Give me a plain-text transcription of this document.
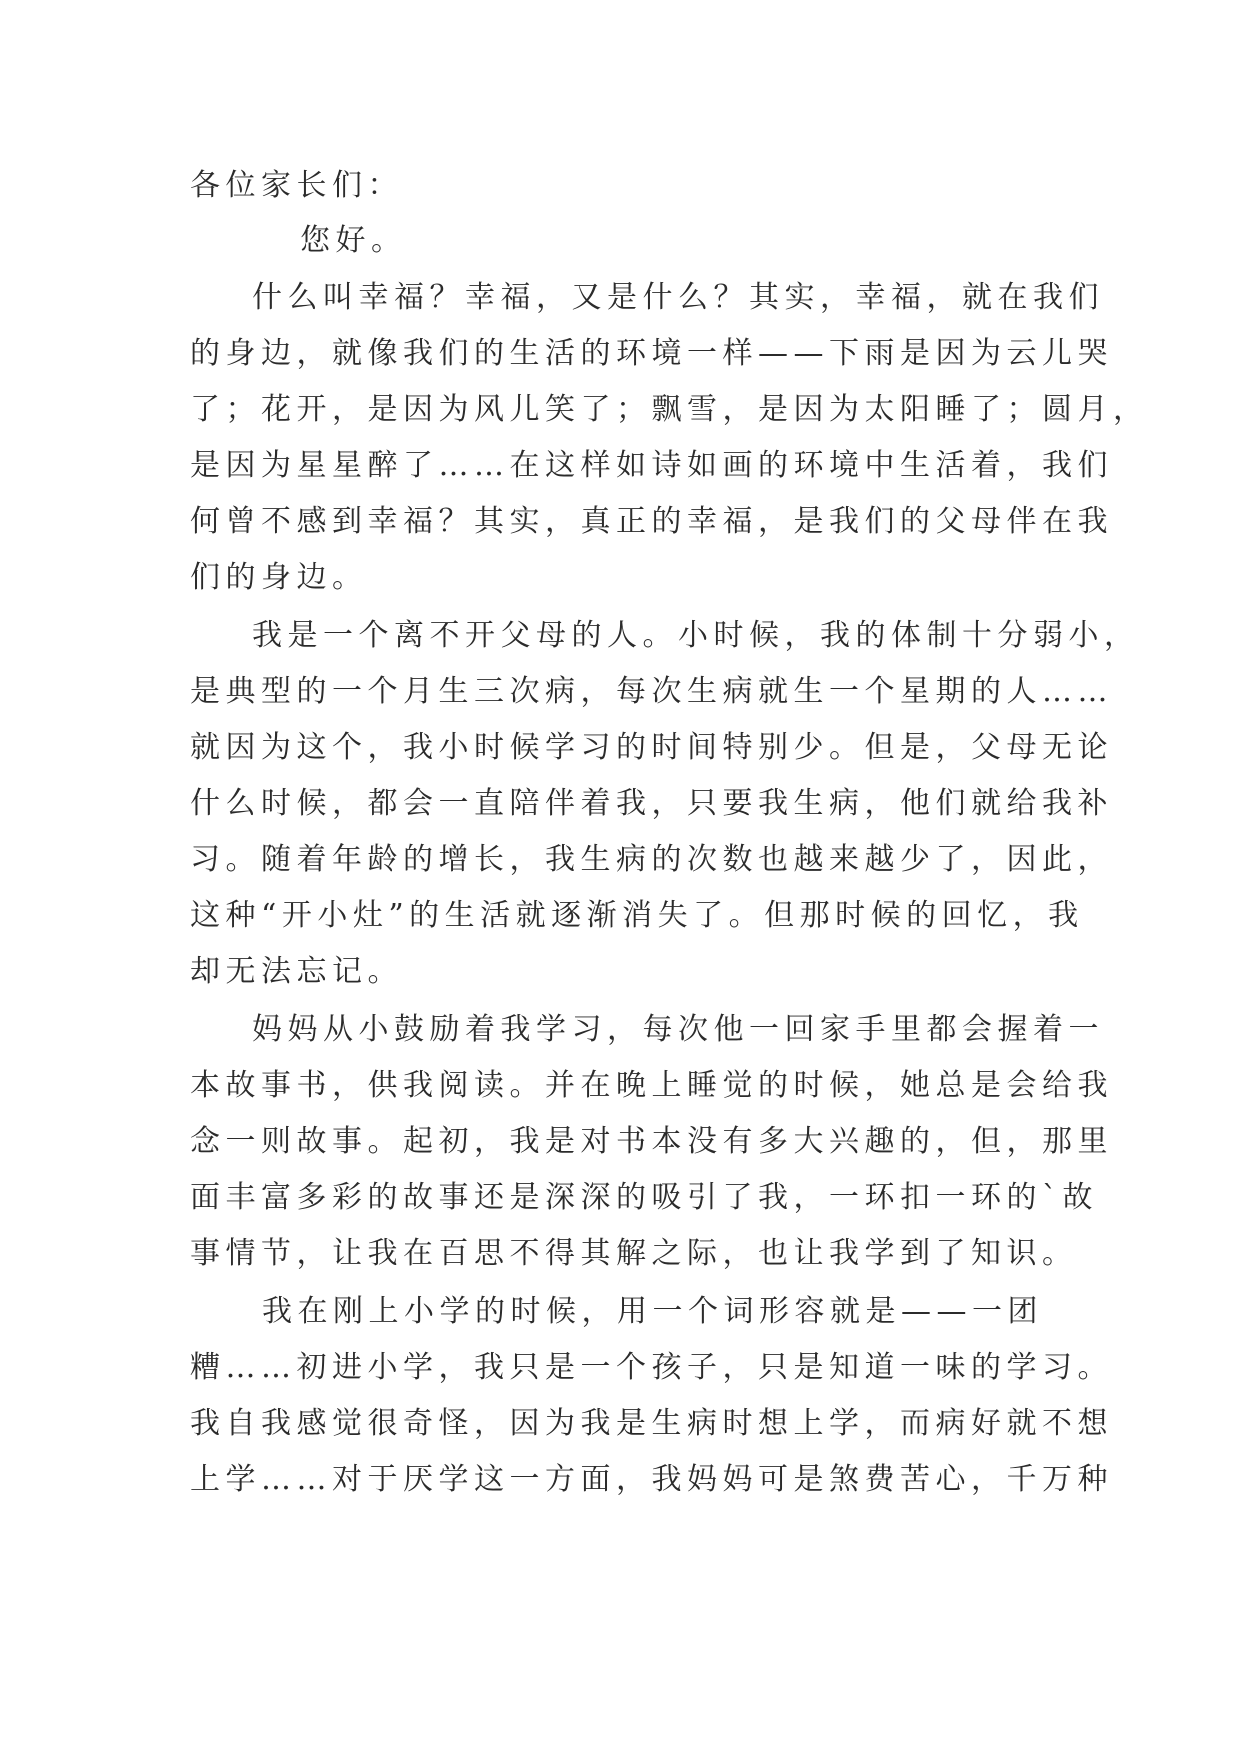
各位家长们：
您好。
什么叫幸福？幸福，又是什么？其实，幸福，就在我们
的身边，就像我们的生活的环境一样——下雨是因为云儿哭
了；花开，是因为风儿笑了；飘雪，是因为太阳睡了；圆月，
是因为星星醉了……在这样如诗如画的环境中生活着，我们
何曾不感到幸福？其实，真正的幸福，是我们的父母伴在我
们的身边。
我是一个离不开父母的人。小时候，我的体制十分弱小，
是典型的一个月生三次病，每次生病就生一个星期的人……
就因为这个，我小时候学习的时间特别少。但是，父母无论
什么时候，都会一直陪伴着我，只要我生病，他们就给我补
习。随着年龄的增长，我生病的次数也越来越少了，因此，
这种“开小灶”的生活就逐渐消失了。但那时候的回忆，我
却无法忘记。
妈妈从小鼓励着我学习，每次他一回家手里都会握着一
本故事书，供我阅读。并在晚上睡觉的时候，她总是会给我
念一则故事。起初，我是对书本没有多大兴趣的，但，那里
面丰富多彩的故事还是深深的吸引了我，一环扣一环的`故
事情节，让我在百思不得其解之际，也让我学到了知识。
我在刚上小学的时候，用一个词形容就是——一团
糟……初进小学，我只是一个孩子，只是知道一味的学习。
我自我感觉很奇怪，因为我是生病时想上学，而病好就不想
上学……对于厌学这一方面，我妈妈可是煞费苦心，千万种
